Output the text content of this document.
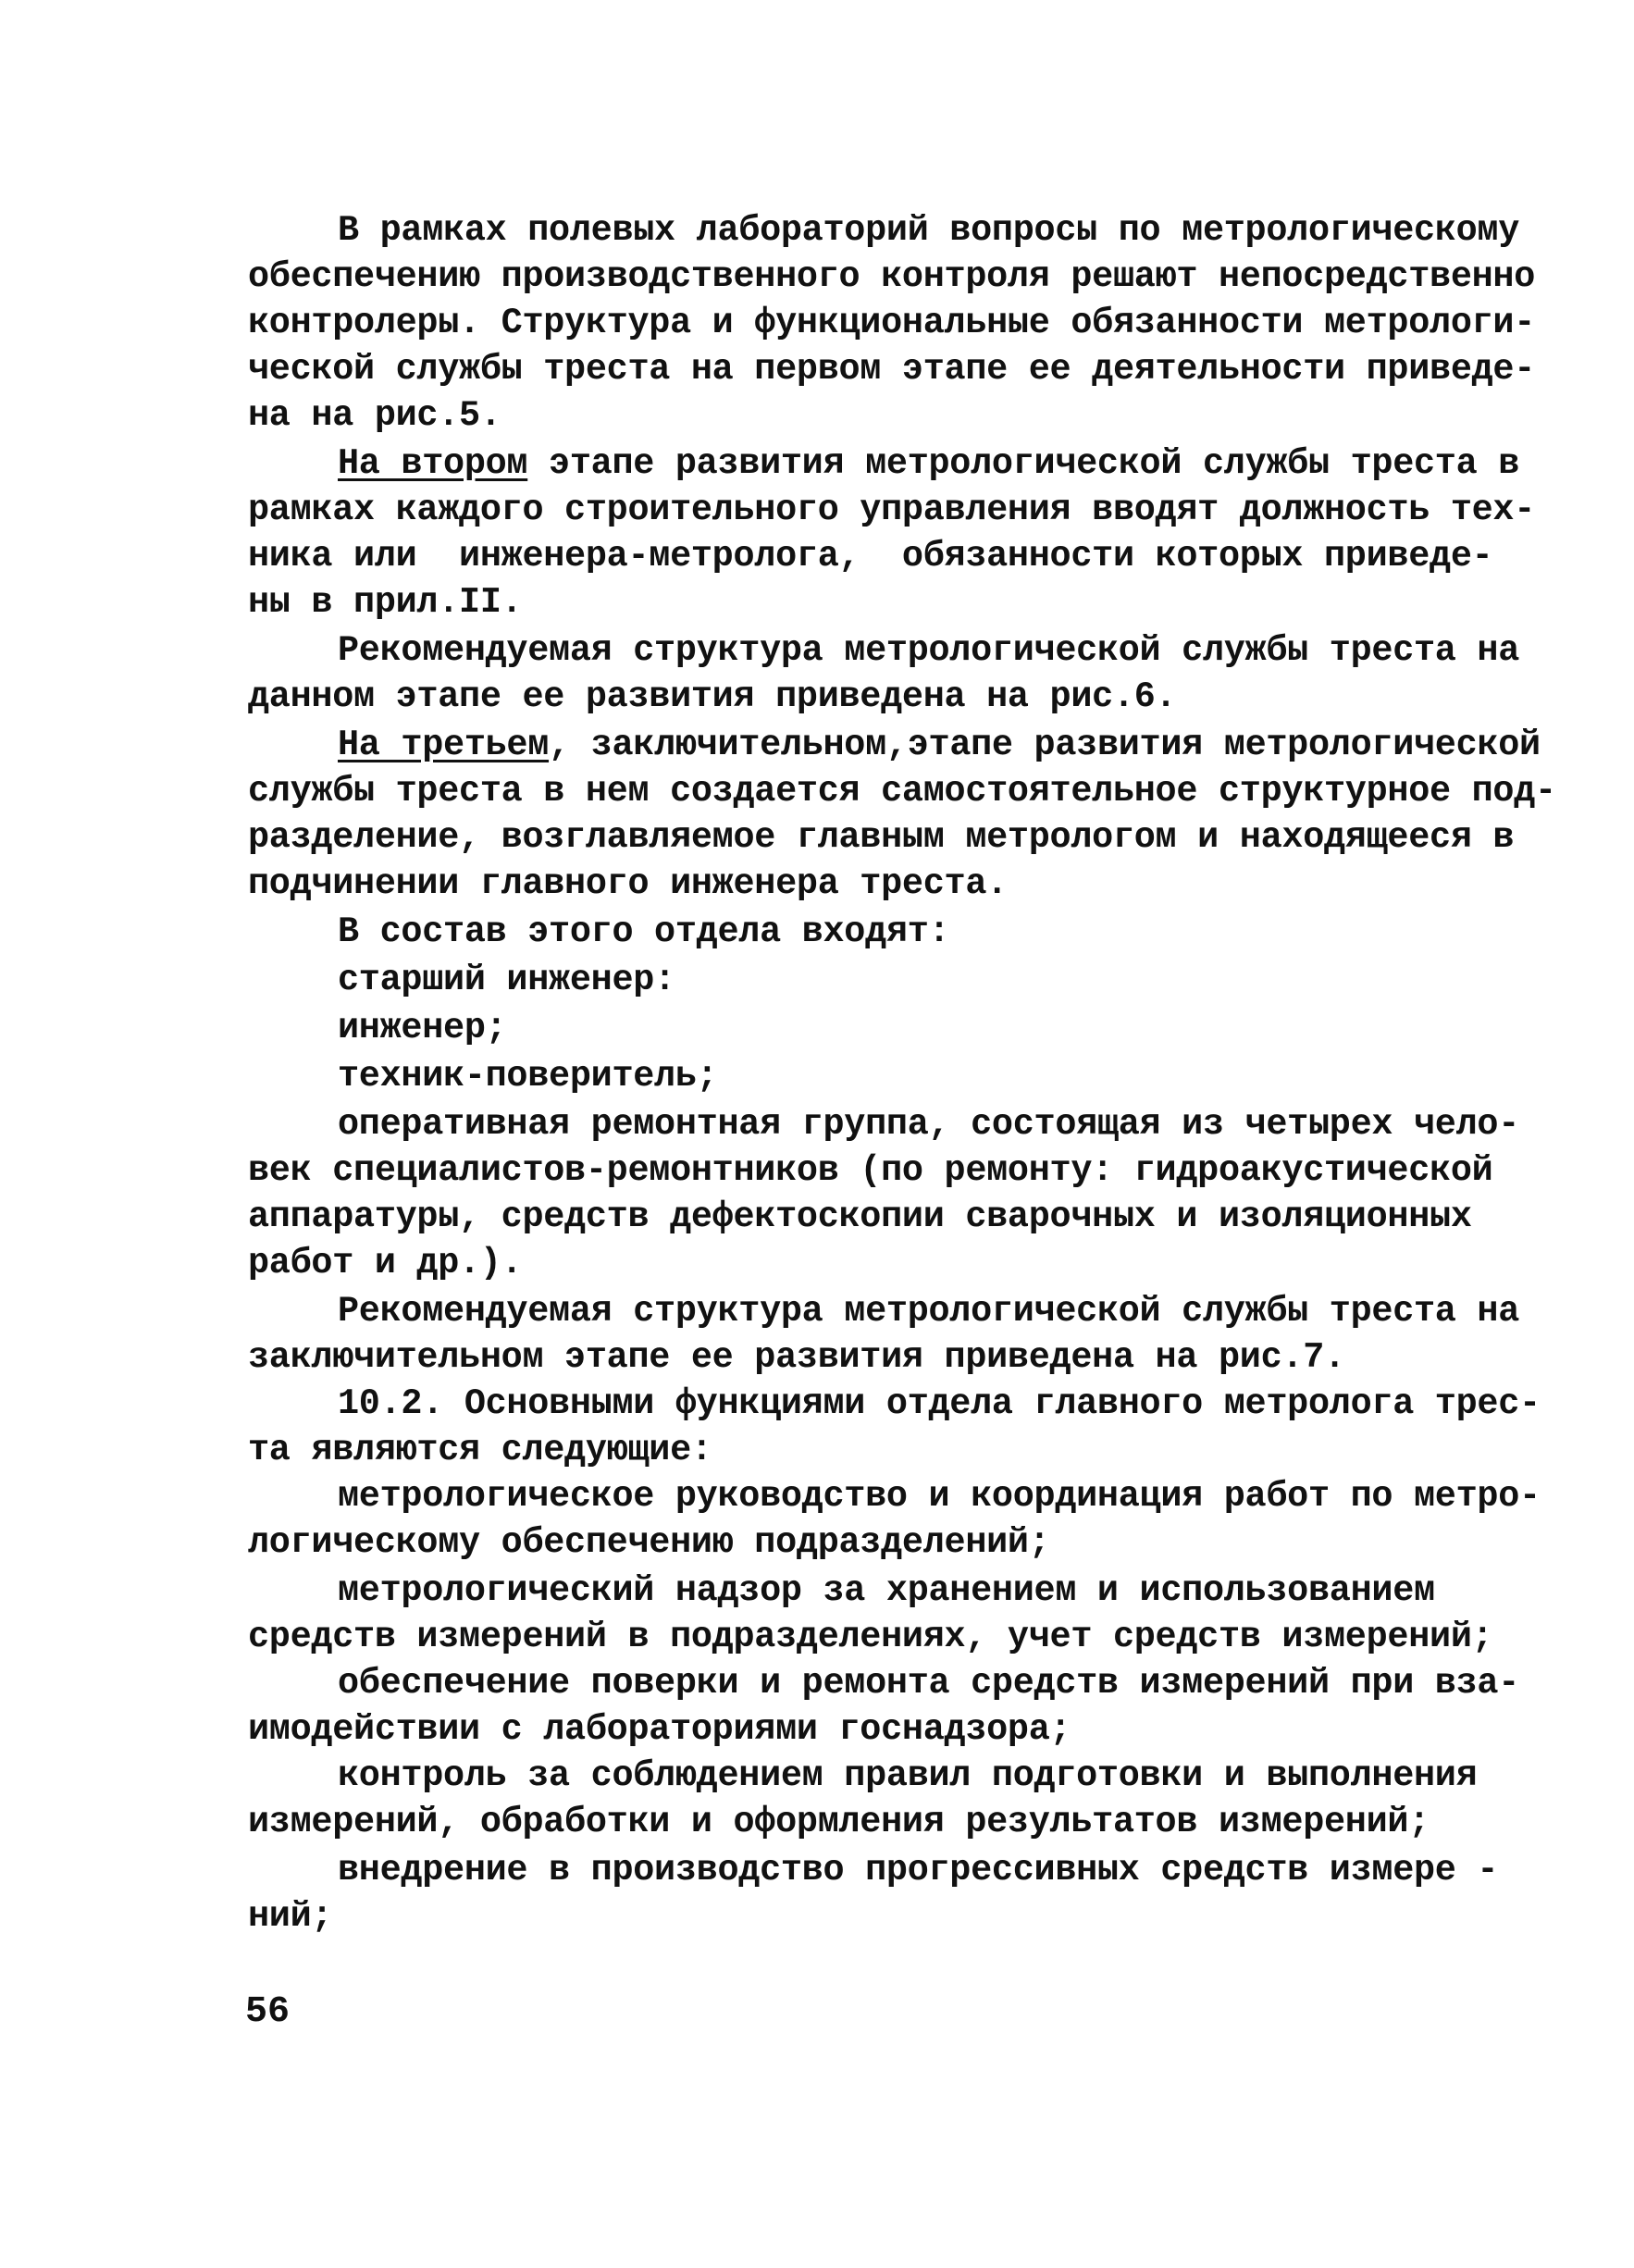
В рамках полевых лабораторий вопросы по метрологическому
обеспечению производственного контроля решают непосредственно
контролеры. Структура и функциональные обязанности метрологи-
ческой службы треста на первом этапе ее деятельности приведе-
на на рис.5.
На втором этапе развития метрологической службы треста в
рамках каждого строительного управления вводят должность тех-
ника или  инженера-метролога,  обязанности которых приведе-
ны в прил.II.
Рекомендуемая структура метрологической службы треста на
данном этапе ее развития приведена на рис.6.
На третьем, заключительном,этапе развития метрологической
службы треста в нем создается самостоятельное структурное под-
разделение, возглавляемое главным метрологом и находящееся в
подчинении главного инженера треста.
В состав этого отдела входят:
старший инженер:
инженер;
техник-поверитель;
оперативная ремонтная группа, состоящая из четырех чело-
век специалистов-ремонтников (по ремонту: гидроакустической
аппаратуры, средств дефектоскопии сварочных и изоляционных
работ и др.).
Рекомендуемая структура метрологической службы треста на
заключительном этапе ее развития приведена на рис.7.
10.2. Основными функциями отдела главного метролога трес-
та являются следующие:
метрологическое руководство и координация работ по метро-
логическому обеспечению подразделений;
метрологический надзор за хранением и использованием
средств измерений в подразделениях, учет средств измерений;
обеспечение поверки и ремонта средств измерений при вза-
имодействии с лабораториями госнадзора;
контроль за соблюдением правил подготовки и выполнения
измерений, обработки и оформления результатов измерений;
внедрение в производство прогрессивных средств измере -
ний;
56
